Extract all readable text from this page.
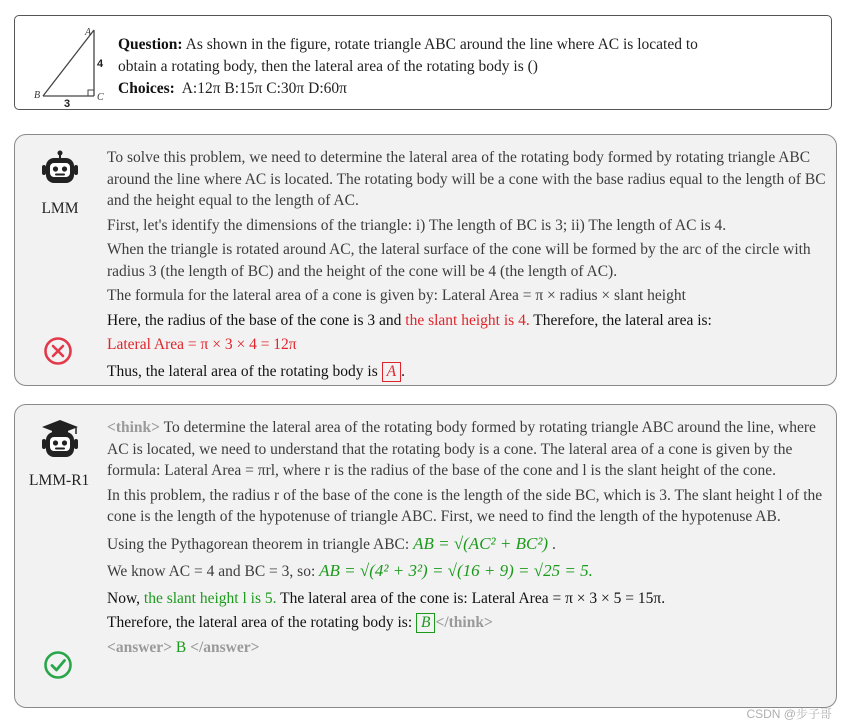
A
B	C
4
3
Question: As shown in the figure, rotate triangle ABC around the line where AC is located to
obtain a rotating body, then the lateral area of the rotating body is ()
Choices: A:12π B:15π C:30π D:60π
LMM

To solve this problem, we need to determine the lateral area of the rotating body formed by rotating triangle ABC around the line where AC is located. The rotating body will be a cone with the base radius equal to the length of BC and the height equal to the length of AC.

First, let's identify the dimensions of the triangle: i) The length of BC is 3; ii) The length of AC is 4.

When the triangle is rotated around AC, the lateral surface of the cone will be formed by the arc of the circle with radius 3 (the length of BC) and the height of the cone will be 4 (the length of AC).

The formula for the lateral area of a cone is given by: Lateral Area = π × radius × slant height

Here, the radius of the base of the cone is 3 and the slant height is 4. Therefore, the lateral area is:

Lateral Area = π × 3 × 4 = 12π

Thus, the lateral area of the rotating body is A .

LMM-R1

<think> To determine the lateral area of the rotating body formed by rotating triangle ABC around the line, where AC is located, we need to understand that the rotating body is a cone. The lateral area of a cone is given by the formula: Lateral Area = πrl, where r is the radius of the base of the cone and l is the slant height of the cone.

In this problem, the radius r of the base of the cone is the length of the side BC, which is 3. The slant height l of the cone is the length of the hypotenuse of triangle ABC. First, we need to find the length of the hypotenuse AB.

Using the Pythagorean theorem in triangle ABC: AB = √(AC² + BC²) .

We know AC = 4 and BC = 3, so: AB = √(4² + 3²) = √(16 + 9) = √25 = 5.

Now, the slant height l is 5. The lateral area of the cone is: Lateral Area = π × 3 × 5 = 15π.

Therefore, the lateral area of the rotating body is: B </think>

<answer> B </answer>

CSDN @步子哥
